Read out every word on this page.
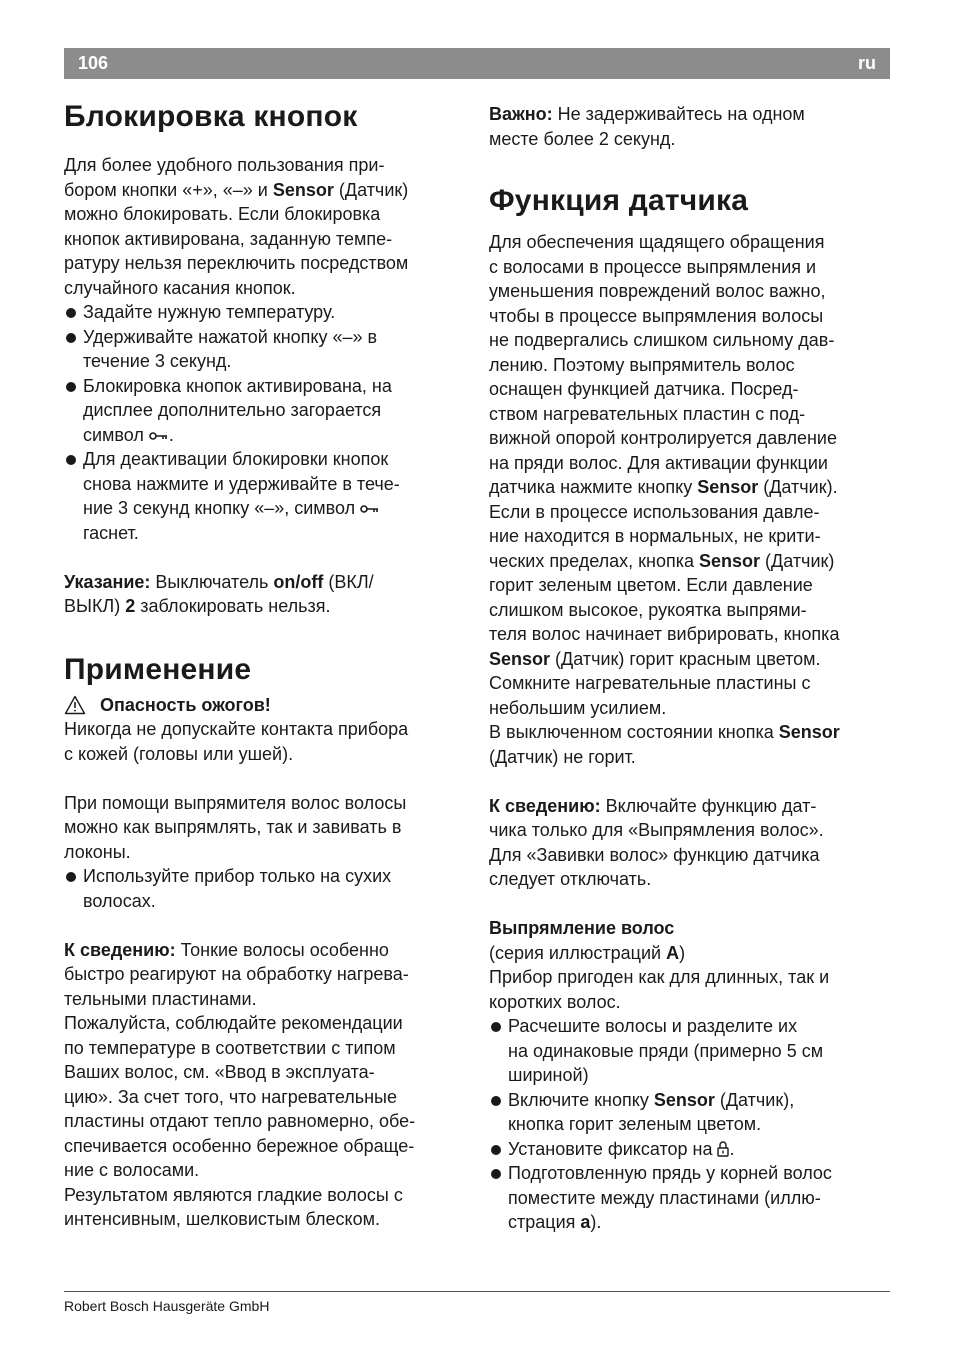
106	ru
Блокировка кнопок

Для более удобного пользования при-
бором кнопки «+», «–» и Sensor (Датчик)
можно блокировать. Если блокировка
кнопок активирована, заданную темпе-
ратуру нельзя переключить посредством
случайного касания кнопок.

Задайте нужную температуру.
Удерживайте нажатой кнопку «–» в
течение 3 секунд.
Блокировка кнопок активирована, на
дисплее дополнительно загорается
символ .
Для деактивации блокировки кнопок
снова нажмите и удерживайте в тече-
ние 3 секунд кнопку «–», символ
гаснет.

Указание: Выключатель on/off (ВКЛ/
ВЫКЛ) 2 заблокировать нельзя.

Применение
Опасность ожогов!

Никогда не допускайте контакта прибора
с кожей (головы или ушей).

При помощи выпрямителя волос волосы
можно как выпрямлять, так и завивать в
локоны.

Используйте прибор только на сухих
волосах.

К сведению: Тонкие волосы особенно
быстро реагируют на обработку нагрева-
тельными пластинами.
Пожалуйста, соблюдайте рекомендации
по температуре в соответствии с типом
Ваших волос, см. «Ввод в эксплуата-
цию». За счет того, что нагревательные
пластины отдают тепло равномерно, обе-
спечивается особенно бережное обраще-
ние с волосами.
Результатом являются гладкие волосы с
интенсивным, шелковистым блеском.

Важно: Не задерживайтесь на одном
месте более 2 секунд.

Функция датчика

Для обеспечения щадящего обращения
с волосами в процессе выпрямления и
уменьшения повреждений волос важно,
чтобы в процессе выпрямления волосы
не подвергались слишком сильному дав-
лению. Поэтому выпрямитель волос
оснащен функцией датчика. Посред-
ством нагревательных пластин с под-
вижной опорой контролируется давление
на пряди волос. Для активации функции
датчика нажмите кнопку Sensor (Датчик).
Если в процессе использования давле-
ние находится в нормальных, не крити-
ческих пределах, кнопка Sensor (Датчик)
горит зеленым цветом. Если давление
слишком высокое, рукоятка выпрями-
теля волос начинает вибрировать, кнопка
Sensor (Датчик) горит красным цветом.
Сомкните нагревательные пластины с
небольшим усилием.
В выключенном состоянии кнопка Sensor
(Датчик) не горит.

К сведению: Включайте функцию дат-
чика только для «Выпрямления волос».
Для «Завивки волос» функцию датчика
следует отключать.

Выпрямление волос

(серия иллюстраций A)

Прибор пригоден как для длинных, так и
коротких волос.

Расчешите волосы и разделите их
на одинаковые пряди (примерно 5 см
шириной)
Включите кнопку Sensor (Датчик),
кнопка горит зеленым цветом.
Установите фиксатор на .
Подготовленную прядь у корней волос
поместите между пластинами (иллю-
страция a).
Robert Bosch Hausgeräte GmbH
